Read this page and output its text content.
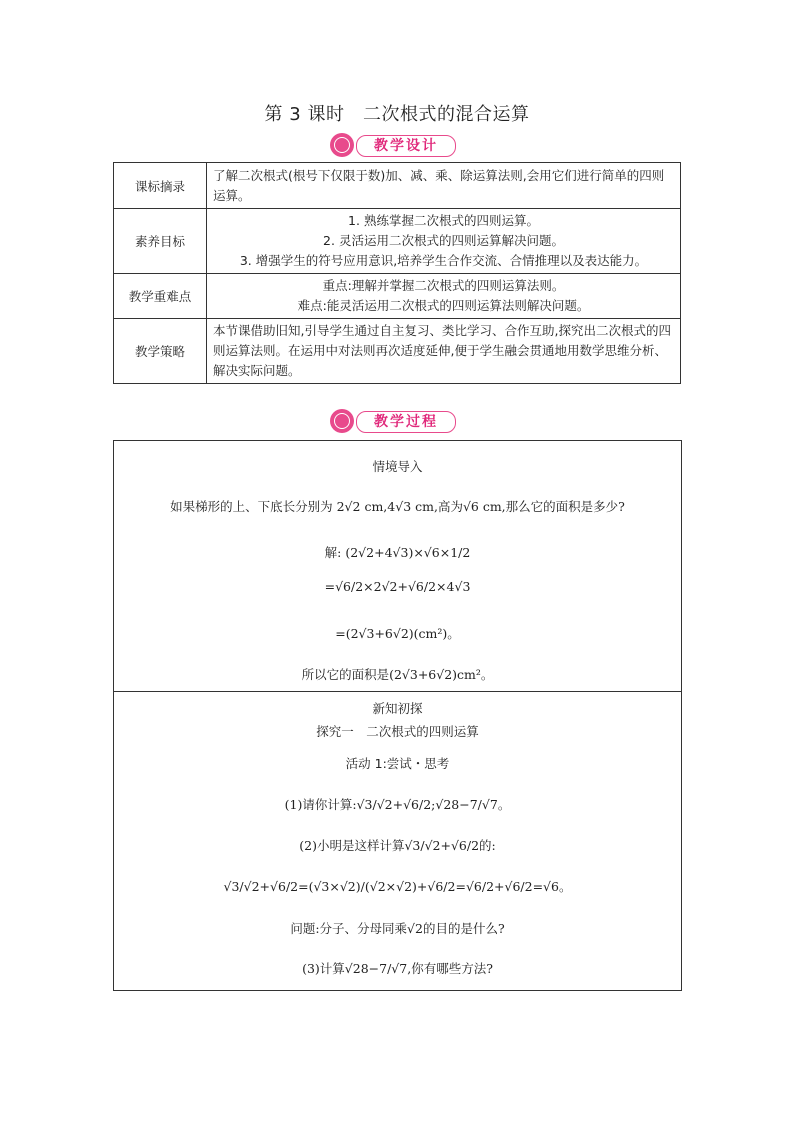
第 3 课时　二次根式的混合运算
教学设计
课标摘录	了解二次根式(根号下仅限于数)加、减、乘、除运算法则,会用它们进行简单的四则运算。
素养目标	1. 熟练掌握二次根式的四则运算。
2. 灵活运用二次根式的四则运算解决问题。
3. 增强学生的符号应用意识,培养学生合作交流、合情推理以及表达能力。

教学重难点	重点:理解并掌握二次根式的四则运算法则。
难点:能灵活运用二次根式的四则运算法则解决问题。

教学策略	本节课借助旧知,引导学生通过自主复习、类比学习、合作互助,探究出二次根式的四则运算法则。在运用中对法则再次适度延伸,便于学生融会贯通地用数学思维分析、解决实际问题。
教学过程
情境导入
如果梯形的上、下底长分别为 2√2 cm,4√3 cm,高为√6 cm,那么它的面积是多少?
解: (2√2+4√3)×√6×1/2
=√6/2×2√2+√6/2×4√3
=(2√3+6√2)(cm²)。
所以它的面积是(2√3+6√2)cm²。
新知初探
探究一　二次根式的四则运算
活动 1:尝试・思考
(1)请你计算:√3/√2+√6/2;√28−7/√7。
(2)小明是这样计算√3/√2+√6/2的:
√3/√2+√6/2=(√3×√2)/(√2×√2)+√6/2=√6/2+√6/2=√6。
问题:分子、分母同乘√2的目的是什么?
(3)计算√28−7/√7,你有哪些方法?
